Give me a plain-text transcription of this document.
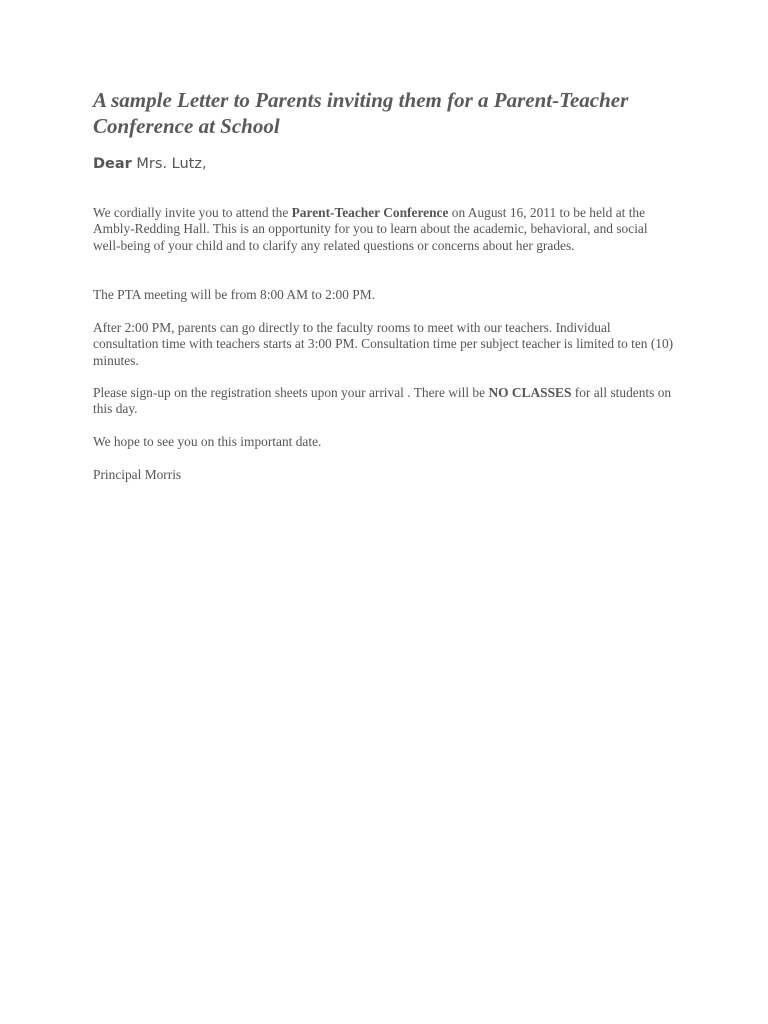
A sample Letter to Parents inviting them for a Parent-Teacher Conference at School

Dear Mrs. Lutz,

We cordially invite you to attend the Parent-Teacher Conference on August 16, 2011 to be held at the Ambly-Redding Hall. This is an opportunity for you to learn about the academic, behavioral, and social well-being of your child and to clarify any related questions or concerns about her grades.

The PTA meeting will be from 8:00 AM to 2:00 PM.

After 2:00 PM, parents can go directly to the faculty rooms to meet with our teachers. Individual consultation time with teachers starts at 3:00 PM. Consultation time per subject teacher is limited to ten (10) minutes.

Please sign-up on the registration sheets upon your arrival . There will be NO CLASSES for all students on this day.

We hope to see you on this important date.

Principal Morris
